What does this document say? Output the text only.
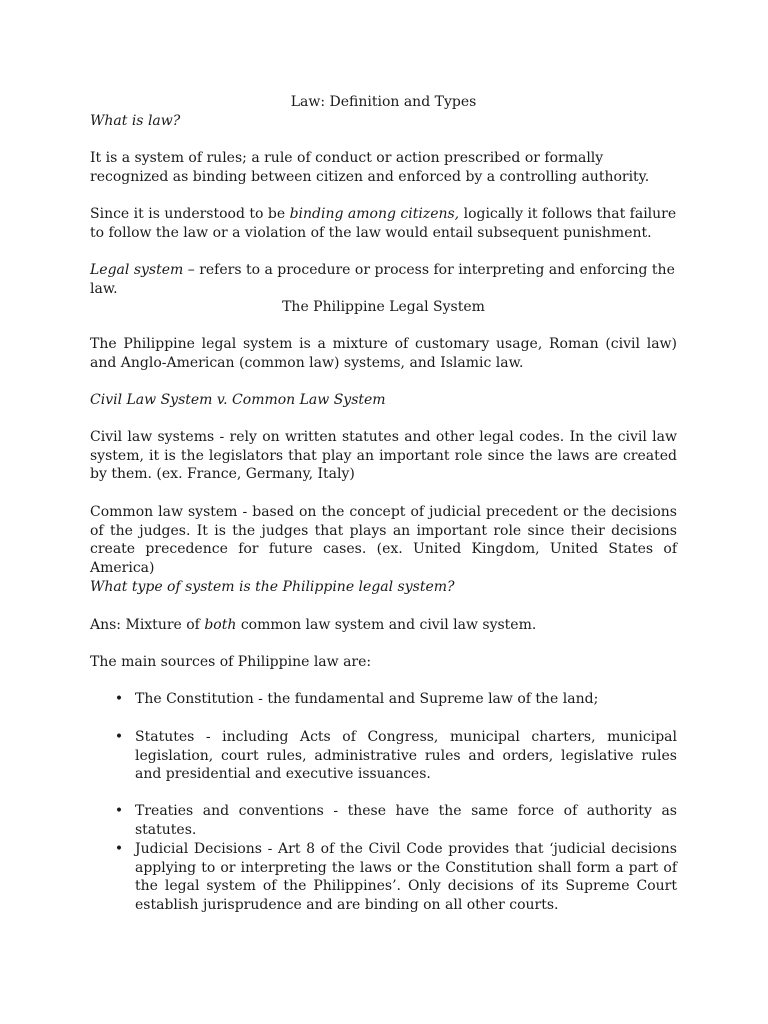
Law: Definition and Types
What is law?
It is a system of rules; a rule of conduct or action prescribed or formally recognized as binding between citizen and enforced by a controlling authority.
Since it is understood to be binding among citizens, logically it follows that failure to follow the law or a violation of the law would entail subsequent punishment.
Legal system – refers to a procedure or process for interpreting and enforcing the law.
The Philippine Legal System
The Philippine legal system is a mixture of customary usage, Roman (civil law) and Anglo-American (common law) systems, and Islamic law.
Civil Law System v. Common Law System
Civil law systems - rely on written statutes and other legal codes. In the civil law system, it is the legislators that play an important role since the laws are created by them. (ex. France, Germany, Italy)
Common law system - based on the concept of judicial precedent or the decisions of the judges. It is the judges that plays an important role since their decisions create precedence for future cases. (ex. United Kingdom, United States of America)
What type of system is the Philippine legal system?
Ans: Mixture of both common law system and civil law system.
The main sources of Philippine law are:
• The Constitution - the fundamental and Supreme law of the land;
• Statutes - including Acts of Congress, municipal charters, municipal legislation, court rules, administrative rules and orders, legislative rules and presidential and executive issuances.
• Treaties and conventions - these have the same force of authority as statutes.
• Judicial Decisions - Art 8 of the Civil Code provides that ‘judicial decisions applying to or interpreting the laws or the Constitution shall form a part of the legal system of the Philippines’. Only decisions of its Supreme Court establish jurisprudence and are binding on all other courts.
